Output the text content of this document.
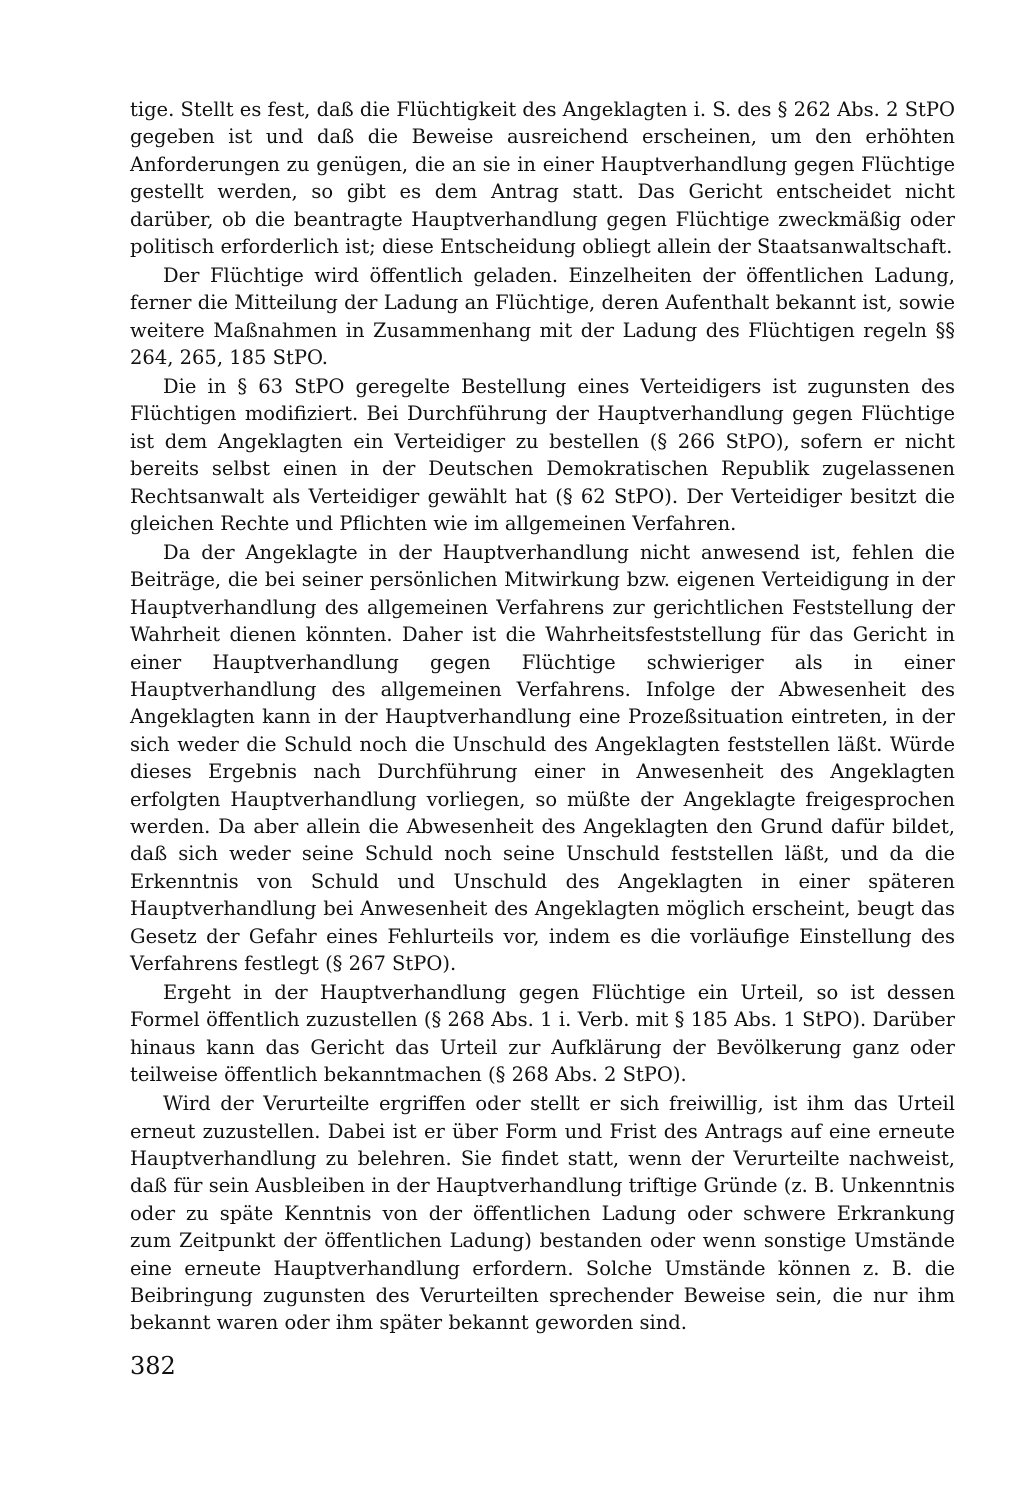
tige. Stellt es fest, daß die Flüchtigkeit des Angeklagten i. S. des § 262 Abs. 2 StPO gegeben ist und daß die Beweise ausreichend erscheinen, um den erhöhten Anforderungen zu genügen, die an sie in einer Hauptverhandlung gegen Flüchtige gestellt werden, so gibt es dem Antrag statt. Das Gericht entscheidet nicht darüber, ob die beantragte Hauptverhandlung gegen Flüchtige zweckmäßig oder politisch erforderlich ist; diese Entscheidung obliegt allein der Staatsanwaltschaft.

Der Flüchtige wird öffentlich geladen. Einzelheiten der öffentlichen Ladung, ferner die Mitteilung der Ladung an Flüchtige, deren Aufenthalt bekannt ist, sowie weitere Maßnahmen in Zusammenhang mit der Ladung des Flüchtigen regeln §§ 264, 265, 185 StPO.

Die in § 63 StPO geregelte Bestellung eines Verteidigers ist zugunsten des Flüchtigen modifiziert. Bei Durchführung der Hauptverhandlung gegen Flüchtige ist dem Angeklagten ein Verteidiger zu bestellen (§ 266 StPO), sofern er nicht bereits selbst einen in der Deutschen Demokratischen Republik zugelassenen Rechtsanwalt als Verteidiger gewählt hat (§ 62 StPO). Der Verteidiger besitzt die gleichen Rechte und Pflichten wie im allgemeinen Verfahren.

Da der Angeklagte in der Hauptverhandlung nicht anwesend ist, fehlen die Beiträge, die bei seiner persönlichen Mitwirkung bzw. eigenen Verteidigung in der Hauptverhandlung des allgemeinen Verfahrens zur gerichtlichen Feststellung der Wahrheit dienen könnten. Daher ist die Wahrheitsfeststellung für das Gericht in einer Hauptverhandlung gegen Flüchtige schwieriger als in einer Hauptverhandlung des allgemeinen Verfahrens. Infolge der Abwesenheit des Angeklagten kann in der Hauptverhandlung eine Prozeßsituation eintreten, in der sich weder die Schuld noch die Unschuld des Angeklagten feststellen läßt. Würde dieses Ergebnis nach Durchführung einer in Anwesenheit des Angeklagten erfolgten Hauptverhandlung vorliegen, so müßte der Angeklagte freigesprochen werden. Da aber allein die Abwesenheit des Angeklagten den Grund dafür bildet, daß sich weder seine Schuld noch seine Unschuld feststellen läßt, und da die Erkenntnis von Schuld und Unschuld des Angeklagten in einer späteren Hauptverhandlung bei Anwesenheit des Angeklagten möglich erscheint, beugt das Gesetz der Gefahr eines Fehlurteils vor, indem es die vorläufige Einstellung des Verfahrens festlegt (§ 267 StPO).

Ergeht in der Hauptverhandlung gegen Flüchtige ein Urteil, so ist dessen Formel öffentlich zuzustellen (§ 268 Abs. 1 i. Verb. mit § 185 Abs. 1 StPO). Darüber hinaus kann das Gericht das Urteil zur Aufklärung der Bevölkerung ganz oder teilweise öffentlich bekanntmachen (§ 268 Abs. 2 StPO).

Wird der Verurteilte ergriffen oder stellt er sich freiwillig, ist ihm das Urteil erneut zuzustellen. Dabei ist er über Form und Frist des Antrags auf eine erneute Hauptverhandlung zu belehren. Sie findet statt, wenn der Verurteilte nachweist, daß für sein Ausbleiben in der Hauptverhandlung triftige Gründe (z. B. Unkenntnis oder zu späte Kenntnis von der öffentlichen Ladung oder schwere Erkrankung zum Zeitpunkt der öffentlichen Ladung) bestanden oder wenn sonstige Umstände eine erneute Hauptverhandlung erfordern. Solche Umstände können z. B. die Beibringung zugunsten des Verurteilten sprechender Beweise sein, die nur ihm bekannt waren oder ihm später bekannt geworden sind.

382
